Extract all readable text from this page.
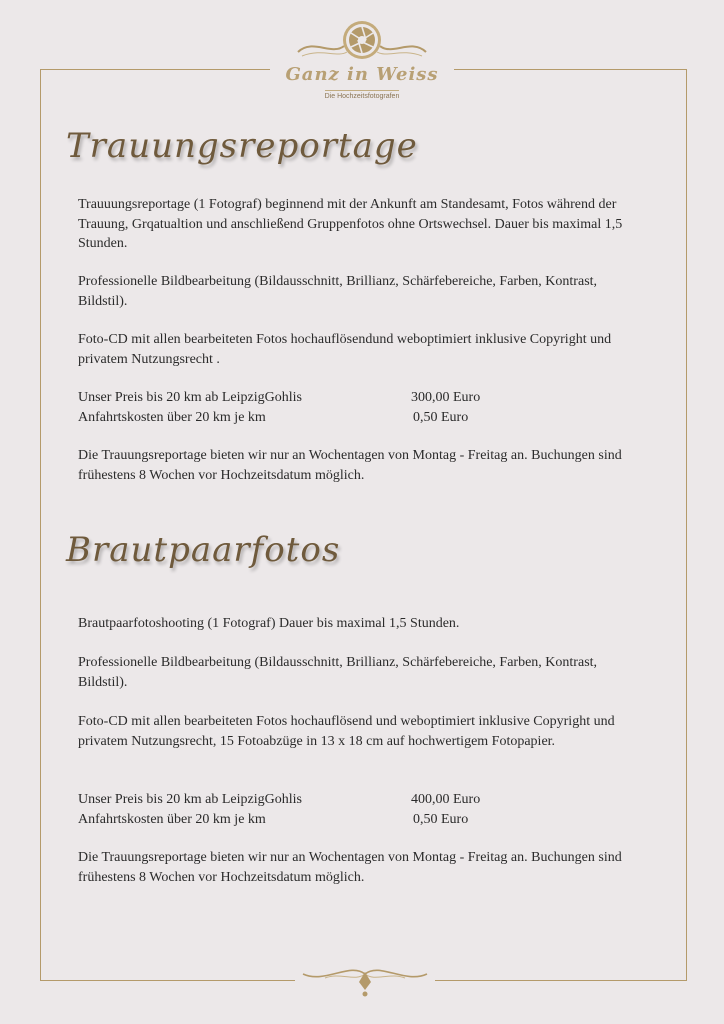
Ganz in Weiss
Die Hochzeitsfotografen
Trauungsreportage
Trauuungsreportage (1 Fotograf) beginnend mit der Ankunft am Standesamt, Fotos während der Trauung, Grqatualtion und anschließend Gruppenfotos ohne Ortswechsel. Dauer bis maximal 1,5 Stunden.
Professionelle Bildbearbeitung (Bildausschnitt, Brillianz, Schärfebereiche, Farben, Kontrast, Bildstil).
Foto-CD mit allen bearbeiteten Fotos hochauflösendund weboptimiert inklusive Copyright und privatem Nutzungsrecht .
Unser Preis bis 20 km ab LeipzigGohlis	300,00 Euro
Anfahrtskosten über 20 km je km	0,50 Euro
Die Trauungsreportage bieten wir nur an Wochentagen von Montag - Freitag an. Buchungen sind frühestens 8 Wochen vor Hochzeitsdatum möglich.
Brautpaarfotos
Brautpaarfotoshooting (1 Fotograf) Dauer bis maximal 1,5 Stunden.
Professionelle Bildbearbeitung (Bildausschnitt, Brillianz, Schärfebereiche, Farben, Kontrast, Bildstil).
Foto-CD mit allen bearbeiteten Fotos hochauflösend und weboptimiert inklusive Copyright und privatem Nutzungsrecht, 15 Fotoabzüge in 13 x 18 cm auf hochwertigem Fotopapier.
Unser Preis bis 20 km ab LeipzigGohlis	400,00 Euro
Anfahrtskosten über 20 km je km	0,50 Euro
Die Trauungsreportage bieten wir nur an Wochentagen von Montag - Freitag an. Buchungen sind frühestens 8 Wochen vor Hochzeitsdatum möglich.
